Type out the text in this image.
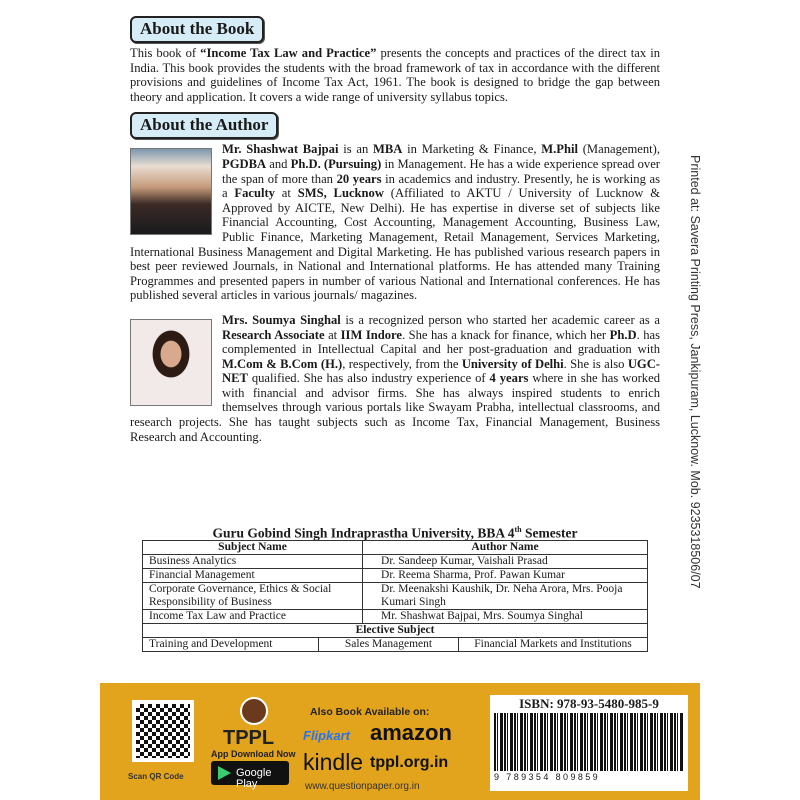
About the Book

This book of “Income Tax Law and Practice” presents the concepts and practices of the direct tax in India. This book provides the students with the broad framework of tax in accordance with the different provisions and guidelines of Income Tax Act, 1961. The book is designed to bridge the gap between theory and application. It covers a wide range of university syllabus topics.

About the Author

Mr. Shashwat Bajpai is an MBA in Marketing & Finance, M.Phil (Management), PGDBA and Ph.D. (Pursuing) in Management. He has a wide experience spread over the span of more than 20 years in academics and industry. Presently, he is working as a Faculty at SMS, Lucknow (Affiliated to AKTU / University of Lucknow & Approved by AICTE, New Delhi). He has expertise in diverse set of subjects like Financial Accounting, Cost Accounting, Management Accounting, Business Law, Public Finance, Marketing Management, Retail Management, Services Marketing, International Business Management and Digital Marketing. He has published various research papers in best peer reviewed Journals, in National and International platforms. He has attended many Training Programmes and presented papers in number of various National and International conferences. He has published several articles in various journals/ magazines.

Mrs. Soumya Singhal is a recognized person who started her academic career as a Research Associate at IIM Indore. She has a knack for finance, which her Ph.D. has complemented in Intellectual Capital and her post-graduation and graduation with M.Com & B.Com (H.), respectively, from the University of Delhi. She is also UGC-NET qualified. She has also industry experience of 4 years where in she has worked with financial and advisor firms. She has always inspired students to enrich themselves through various portals like Swayam Prabha, intellectual classrooms, and research projects. She has taught subjects such as Income Tax, Financial Management, Business Research and Accounting.	Printed at: Savera Printing Press, Jankipuram, Lucknow. Mob. 9235318506/07
Guru Gobind Singh Indraprastha University, BBA 4th Semester
Subject Name		Author Name	
Business Analytics		Dr. Sandeep Kumar, Vaishali Prasad	
Financial Management		Dr. Reema Sharma, Prof. Pawan Kumar	
Corporate Governance, Ethics & Social Responsibility of Business		Dr. Meenakshi Kaushik, Dr. Neha Arora, Mrs. Pooja Kumari Singh	
Income Tax Law and Practice		Mr. Shashwat Bajpai, Mrs. Soumya Singhal	
Elective Subject			
Training and Development	Sales Management		Financial Markets and Institutions
Scan QR Code
TPPL
App Download Now
Google Play
Also Book Available on:
Flipkart amazon
kindle tppl.org.in
www.questionpaper.org.in
ISBN: 978-93-5480-985-9
9 789354 809859
